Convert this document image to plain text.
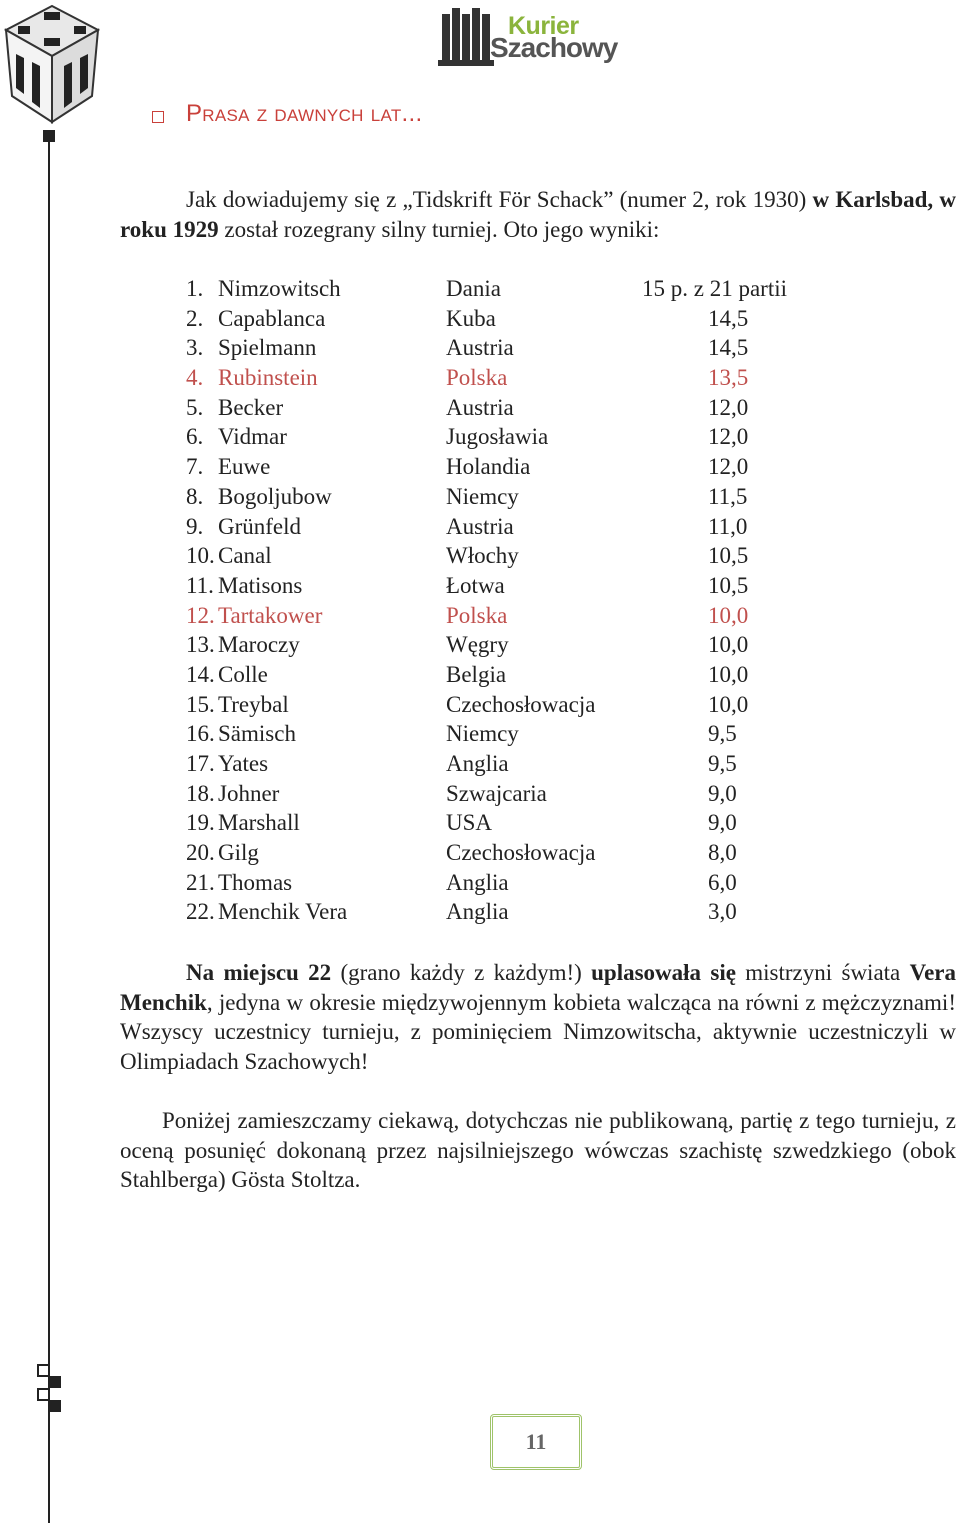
Kurier
Szachowy
Prasa z dawnych lat...
Jak dowiadujemy się z „Tidskrift För Schack” (numer 2, rok 1930) w Karlsbad, w roku 1929 został rozegrany silny turniej. Oto jego wyniki:
1. Nimzowitsch	Dania	15 p. z 21 partii
2. Capablanca	Kuba	14,5
3. Spielmann	Austria	14,5
4. Rubinstein	Polska	13,5
5. Becker	Austria	12,0
6. Vidmar	Jugosławia	12,0
7. Euwe	Holandia	12,0
8. Bogoljubow	Niemcy	11,5
9. Grünfeld	Austria	11,0
10. Canal	Włochy	10,5
11. Matisons	Łotwa	10,5
12. Tartakower	Polska	10,0
13. Maroczy	Węgry	10,0
14. Colle	Belgia	10,0
15. Treybal	Czechosłowacja	10,0
16. Sämisch	Niemcy	9,5
17. Yates	Anglia	9,5
18. Johner	Szwajcaria	9,0
19. Marshall	USA	9,0
20. Gilg	Czechosłowacja	8,0
21. Thomas	Anglia	6,0
22. Menchik Vera	Anglia	3,0
Na miejscu 22 (grano każdy z każdym!) uplasowała się mistrzyni świata Vera Menchik, jedyna w okresie międzywojennym kobieta walcząca na równi z mężczyznami! Wszyscy uczestnicy turnieju, z pominięciem Nimzowitscha, aktywnie uczestniczyli w Olimpiadach Szachowych!
Poniżej zamieszczamy ciekawą, dotychczas nie publikowaną, partię z tego turnieju, z oceną posunięć dokonaną przez najsilniejszego wówczas szachistę szwedzkiego (obok Stahlberga) Gösta Stoltza.
11
